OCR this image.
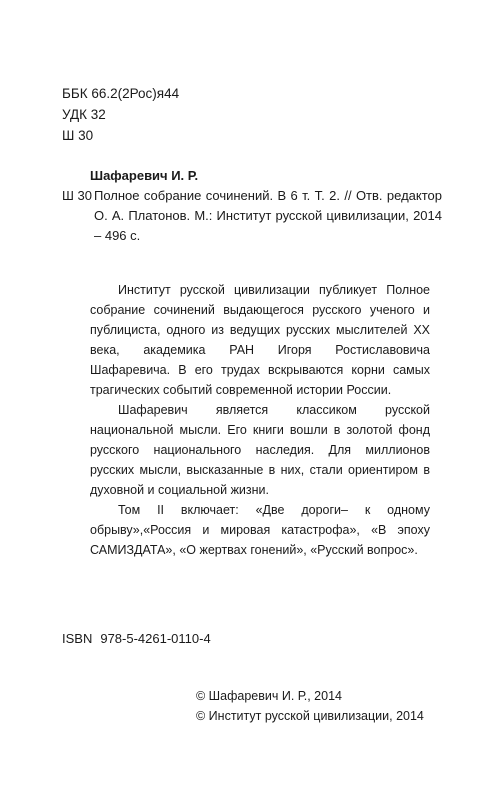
ББК 66.2(2Рос)я44
УДК 32
Ш 30
Шафаревич И. Р.
Ш 30 Полное собрание сочинений. В 6 т. Т. 2. // Отв. редактор О. А. Платонов. М.: Институт русской цивилизации, 2014 – 496 с.

Институт русской цивилизации публикует Полное собрание сочинений выдающегося русского ученого и публициста, одного из ведущих русских мыслителей XX века, академика РАН Игоря Ростиславовича Шафаревича. В его трудах вскрываются корни самых трагических событий современной истории России.

Шафаревич является классиком русской национальной мысли. Его книги вошли в золотой фонд русского национального наследия. Для миллионов русских мысли, высказанные в них, стали ориентиром в духовной и социальной жизни.

Том II включает: «Две дороги– к одному обрыву»,«Россия и мировая катастрофа», «В эпоху САМИЗДАТА», «О жертвах гонений», «Русский вопрос».

ISBN 978-5-4261-0110-4
© Шафаревич И. Р., 2014
© Институт русской цивилизации, 2014
